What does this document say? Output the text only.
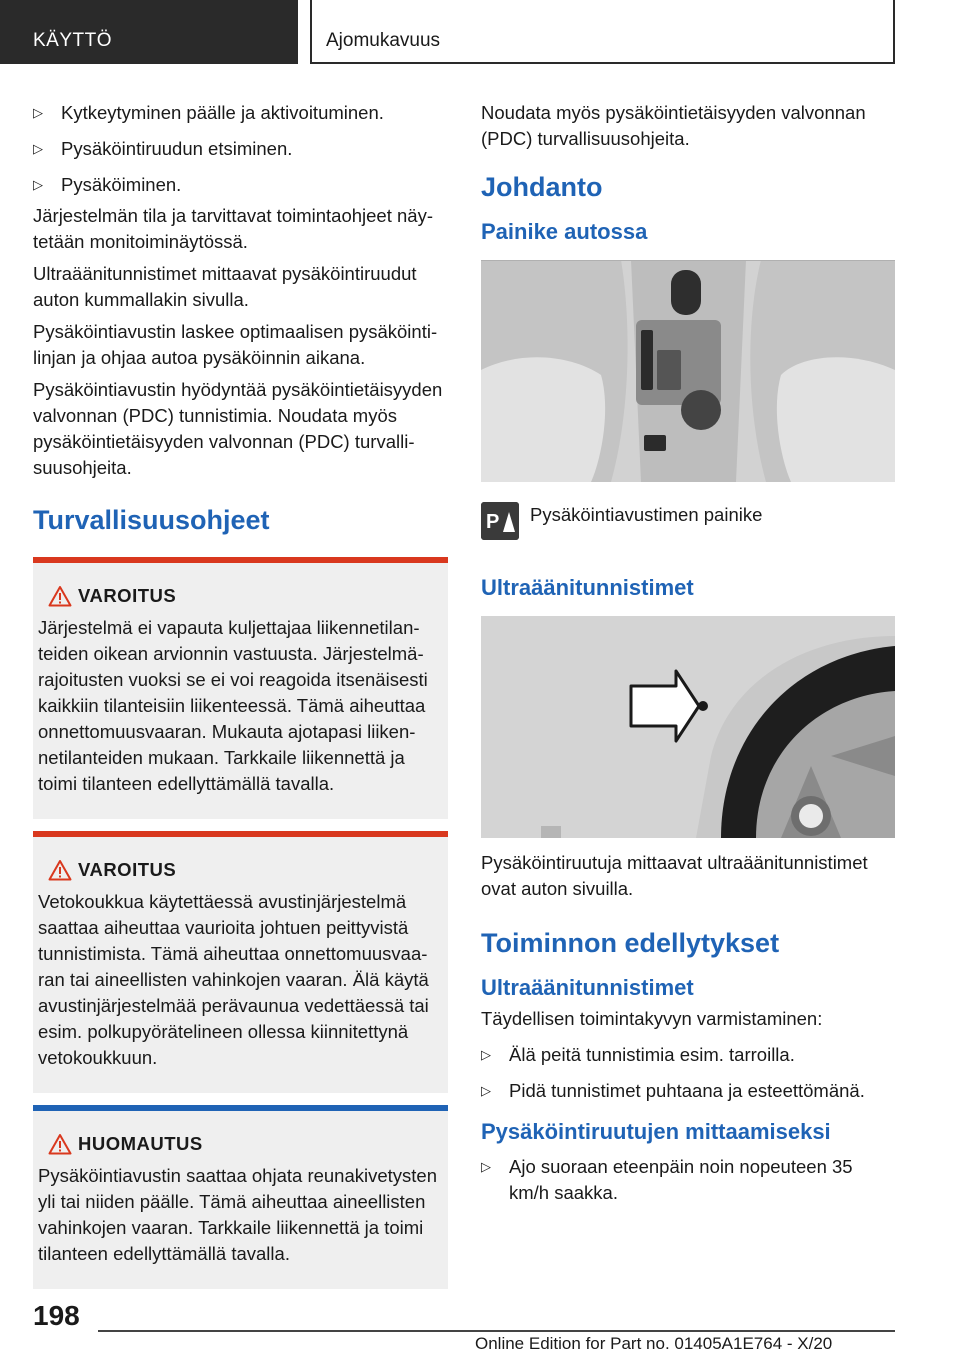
KÄYTTÖ	Ajomukavuus
▷ Kytkeytyminen päälle ja aktivoituminen.
▷ Pysäköintiruudun etsiminen.
▷ Pysäköiminen.

Järjestelmän tila ja tarvittavat toimintaohjeet näytetään monitoiminäytössä.

Ultraäänitunnistimet mittaavat pysäköintiruudut auton kummallakin sivulla.

Pysäköintiavustin laskee optimaalisen pysäköintilinjan ja ohjaa autoa pysäköinnin aikana.

Pysäköintiavustin hyödyntää pysäköintietäisyyden valvonnan (PDC) tunnistimia. Noudata myös pysäköintietäisyyden valvonnan (PDC) turvallisuusohjeita.

Turvallisuusohjeet
VAROITUS
Järjestelmä ei vapauta kuljettajaa liikennetilanteiden oikean arvionnin vastuusta. Järjestelmärajoitusten vuoksi se ei voi reagoida itsenäisesti kaikkiin tilanteisiin liikenteessä. Tämä aiheuttaa onnettomuusvaaran. Mukauta ajotapasi liikennetilanteiden mukaan. Tarkkaile liikennettä ja toimi tilanteen edellyttämällä tavalla.
VAROITUS
Vetokoukkua käytettäessä avustinjärjestelmä saattaa aiheuttaa vaurioita johtuen peittyvistä tunnistimista. Tämä aiheuttaa onnettomuusvaaran tai aineellisten vahinkojen vaaran. Älä käytä avustinjärjestelmää perävaunua vedettäessä tai esim. polkupyörätelineen ollessa kiinnitettynä vetokoukkuun.
HUOMAUTUS
Pysäköintiavustin saattaa ohjata reunakivetysten yli tai niiden päälle. Tämä aiheuttaa aineellisten vahinkojen vaaran. Tarkkaile liikennettä ja toimi tilanteen edellyttämällä tavalla.

Noudata myös pysäköintietäisyyden valvonnan (PDC) turvallisuusohjeita.

Johdanto
Painike autossa
P Pysäköintiavustimen painike
Ultraäänitunnistimet

Pysäköintiruutuja mittaavat ultraäänitunnistimet ovat auton sivuilla.

Toiminnon edellytykset
Ultraäänitunnistimet

Täydellisen toimintakyvyn varmistaminen:

▷ Älä peitä tunnistimia esim. tarroilla.
▷ Pidä tunnistimet puhtaana ja esteettömänä.
Pysäköintiruutujen mittaamiseksi
▷ Ajo suoraan eteenpäin noin nopeuteen 35 km/h saakka.
198
Online Edition for Part no. 01405A1E764 - X/20
